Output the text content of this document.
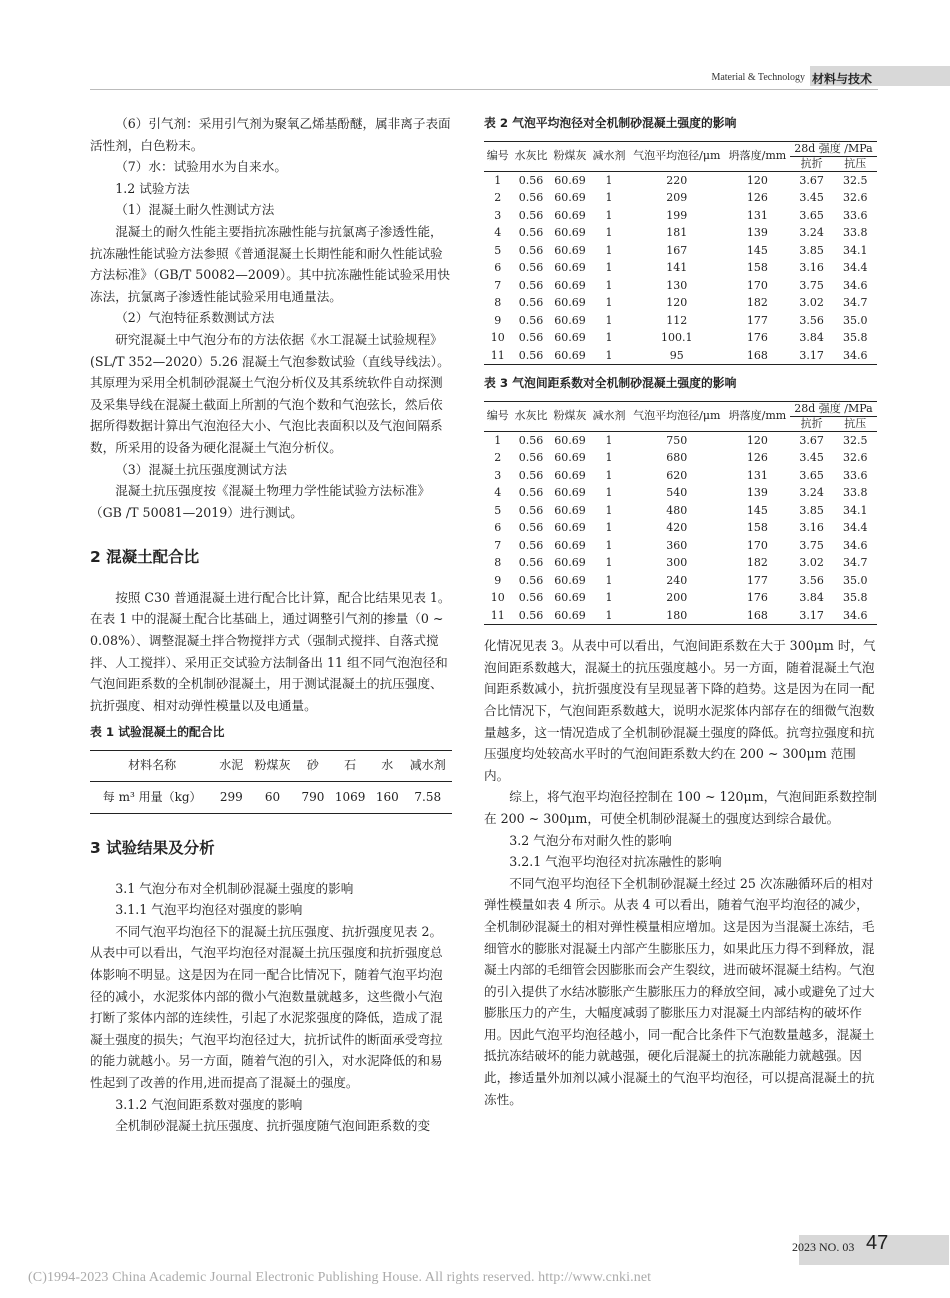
Material & Technology 材料与技术

（6）引气剂：采用引气剂为聚氧乙烯基酚醚，属非离子表面活性剂，白色粉末。

（7）水：试验用水为自来水。

1.2 试验方法

（1）混凝土耐久性测试方法

混凝土的耐久性能主要指抗冻融性能与抗氯离子渗透性能，抗冻融性能试验方法参照《普通混凝土长期性能和耐久性能试验方法标准》（GB/T 50082—2009）。其中抗冻融性能试验采用快冻法，抗氯离子渗透性能试验采用电通量法。

（2）气泡特征系数测试方法

研究混凝土中气泡分布的方法依据《水工混凝土试验规程》(SL/T 352—2020）5.26 混凝土气泡参数试验（直线导线法）。其原理为采用全机制砂混凝土气泡分析仪及其系统软件自动探测及采集导线在混凝土截面上所割的气泡个数和气泡弦长，然后依据所得数据计算出气泡泡径大小、气泡比表面积以及气泡间隔系数，所采用的设备为硬化混凝土气泡分析仪。

（3）混凝土抗压强度测试方法

混凝土抗压强度按《混凝土物理力学性能试验方法标准》（GB /T 50081—2019）进行测试。

2 混凝土配合比

按照 C30 普通混凝土进行配合比计算，配合比结果见表 1。在表 1 中的混凝土配合比基础上，通过调整引气剂的掺量（0 ~ 0.08%）、调整混凝土拌合物搅拌方式（强制式搅拌、自落式搅拌、人工搅拌）、采用正交试验方法制备出 11 组不同气泡泡径和气泡间距系数的全机制砂混凝土，用于测试混凝土的抗压强度、抗折强度、相对动弹性模量以及电通量。

表 1 试验混凝土的配合比

材料名称	水泥	粉煤灰	砂	石	水	减水剂
每 m³ 用量（kg）	299	60	790	1069	160	7.58

3 试验结果及分析

3.1 气泡分布对全机制砂混凝土强度的影响

3.1.1 气泡平均泡径对强度的影响

不同气泡平均泡径下的混凝土抗压强度、抗折强度见表 2。从表中可以看出，气泡平均泡径对混凝土抗压强度和抗折强度总体影响不明显。这是因为在同一配合比情况下，随着气泡平均泡径的减小，水泥浆体内部的微小气泡数量就越多，这些微小气泡打断了浆体内部的连续性，引起了水泥浆强度的降低，造成了混凝土强度的损失；气泡平均泡径过大，抗折试件的断面承受弯拉的能力就越小。另一方面，随着气泡的引入，对水泥降低的和易性起到了改善的作用,进而提高了混凝土的强度。

3.1.2 气泡间距系数对强度的影响

全机制砂混凝土抗压强度、抗折强度随气泡间距系数的变

表 2 气泡平均泡径对全机制砂混凝土强度的影响

编号	水灰比	粉煤灰	减水剂	气泡平均泡径/μm	坍落度/mm	28d 强度 /MPa	
						抗折	抗压
1	0.56	60.69	1	220	120	3.67	32.5
2	0.56	60.69	1	209	126	3.45	32.6
3	0.56	60.69	1	199	131	3.65	33.6
4	0.56	60.69	1	181	139	3.24	33.8
5	0.56	60.69	1	167	145	3.85	34.1
6	0.56	60.69	1	141	158	3.16	34.4
7	0.56	60.69	1	130	170	3.75	34.6
8	0.56	60.69	1	120	182	3.02	34.7
9	0.56	60.69	1	112	177	3.56	35.0
10	0.56	60.69	1	100.1	176	3.84	35.8
11	0.56	60.69	1	95	168	3.17	34.6

表 3 气泡间距系数对全机制砂混凝土强度的影响

编号	水灰比	粉煤灰	减水剂	气泡平均泡径/μm	坍落度/mm	28d 强度 /MPa	
						抗折	抗压
1	0.56	60.69	1	750	120	3.67	32.5
2	0.56	60.69	1	680	126	3.45	32.6
3	0.56	60.69	1	620	131	3.65	33.6
4	0.56	60.69	1	540	139	3.24	33.8
5	0.56	60.69	1	480	145	3.85	34.1
6	0.56	60.69	1	420	158	3.16	34.4
7	0.56	60.69	1	360	170	3.75	34.6
8	0.56	60.69	1	300	182	3.02	34.7
9	0.56	60.69	1	240	177	3.56	35.0
10	0.56	60.69	1	200	176	3.84	35.8
11	0.56	60.69	1	180	168	3.17	34.6

化情况见表 3。从表中可以看出，气泡间距系数在大于 300μm 时，气泡间距系数越大，混凝土的抗压强度越小。另一方面，随着混凝土气泡间距系数减小，抗折强度没有呈现显著下降的趋势。这是因为在同一配合比情况下，气泡间距系数越大，说明水泥浆体内部存在的细微气泡数量越多，这一情况造成了全机制砂混凝土强度的降低。抗弯拉强度和抗压强度均处较高水平时的气泡间距系数大约在 200 ~ 300μm 范围内。

综上，将气泡平均泡径控制在 100 ~ 120μm，气泡间距系数控制在 200 ~ 300μm，可使全机制砂混凝土的强度达到综合最优。

3.2 气泡分布对耐久性的影响

3.2.1 气泡平均泡径对抗冻融性的影响

不同气泡平均泡径下全机制砂混凝土经过 25 次冻融循环后的相对弹性模量如表 4 所示。从表 4 可以看出，随着气泡平均泡径的减少，全机制砂混凝土的相对弹性模量相应增加。这是因为当混凝土冻结，毛细管水的膨胀对混凝土内部产生膨胀压力，如果此压力得不到释放，混凝土内部的毛细管会因膨胀而会产生裂纹，进而破坏混凝土结构。气泡的引入提供了水结冰膨胀产生膨胀压力的释放空间，减小或避免了过大膨胀压力的产生，大幅度减弱了膨胀压力对混凝土内部结构的破坏作用。因此气泡平均泡径越小，同一配合比条件下气泡数量越多，混凝土抵抗冻结破坏的能力就越强，硬化后混凝土的抗冻融能力就越强。因此，掺适量外加剂以减小混凝土的气泡平均泡径，可以提高混凝土的抗冻性。

2023 NO. 03 47
(C)1994-2023 China Academic Journal Electronic Publishing House. All rights reserved. http://www.cnki.net
